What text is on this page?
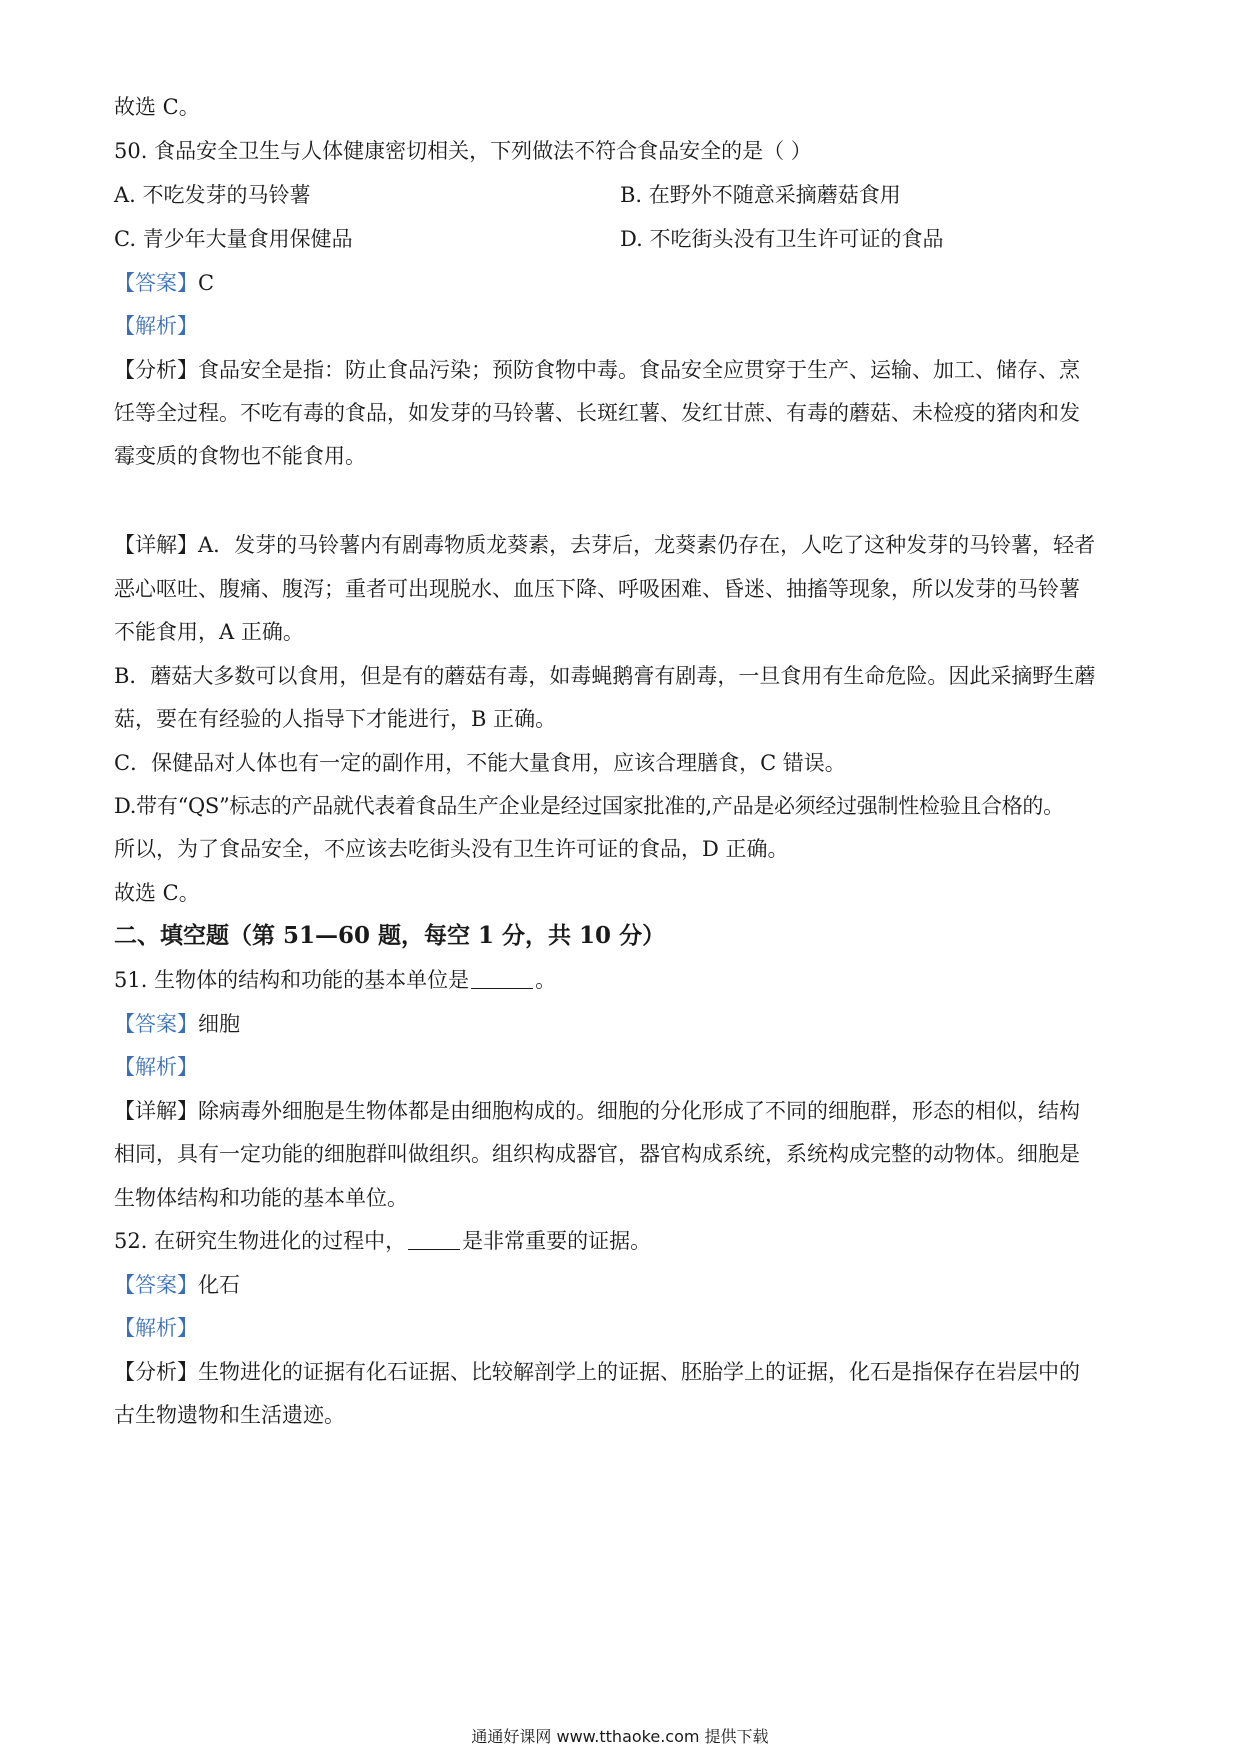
故选 C。
50. 食品安全卫生与人体健康密切相关，下列做法不符合食品安全的是（ ）
A. 不吃发芽的马铃薯	B. 在野外不随意采摘蘑菇食用
C. 青少年大量食用保健品	D. 不吃街头没有卫生许可证的食品
【答案】C
【解析】
【分析】食品安全是指：防止食品污染；预防食物中毒。食品安全应贯穿于生产、运输、加工、储存、烹
饪等全过程。不吃有毒的食品，如发芽的马铃薯、长斑红薯、发红甘蔗、有毒的蘑菇、未检疫的猪肉和发
霉变质的食物也不能食用。
【详解】A．发芽的马铃薯内有剧毒物质龙葵素，去芽后，龙葵素仍存在，人吃了这种发芽的马铃薯，轻者
恶心呕吐、腹痛、腹泻；重者可出现脱水、血压下降、呼吸困难、昏迷、抽搐等现象，所以发芽的马铃薯
不能食用，A 正确。
B．蘑菇大多数可以食用，但是有的蘑菇有毒，如毒蝇鹅膏有剧毒，一旦食用有生命危险。因此采摘野生蘑
菇，要在有经验的人指导下才能进行，B 正确。
C．保健品对人体也有一定的副作用，不能大量食用，应该合理膳食，C 错误。
D.带有“QS”标志的产品就代表着食品生产企业是经过国家批准的,产品是必须经过强制性检验且合格的。
所以，为了食品安全，不应该去吃街头没有卫生许可证的食品，D 正确。
故选 C。
二、填空题（第 51—60 题，每空 1 分，共 10 分）
51. 生物体的结构和功能的基本单位是	。
【答案】细胞
【解析】
【详解】除病毒外细胞是生物体都是由细胞构成的。细胞的分化形成了不同的细胞群，形态的相似，结构
相同，具有一定功能的细胞群叫做组织。组织构成器官，器官构成系统，系统构成完整的动物体。细胞是
生物体结构和功能的基本单位。
52. 在研究生物进化的过程中，	是非常重要的证据。
【答案】化石
【解析】
【分析】生物进化的证据有化石证据、比较解剖学上的证据、胚胎学上的证据，化石是指保存在岩层中的
古生物遗物和生活遗迹。
通通好课网 www.tthaoke.com 提供下载
